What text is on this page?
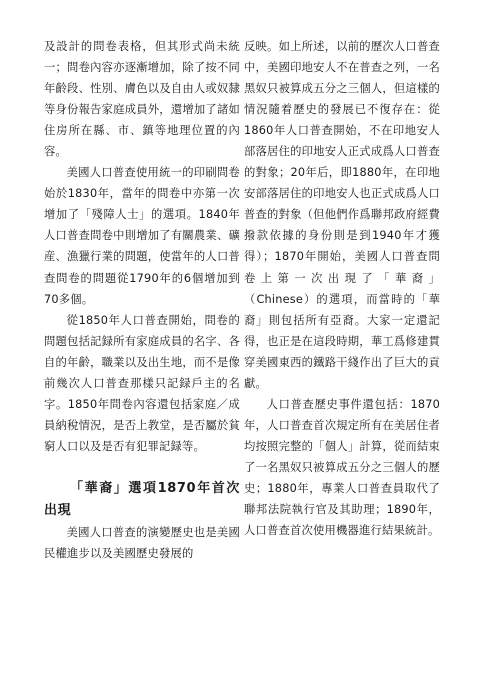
及設計的問卷表格，但其形式尚未統一；問卷內容亦逐漸增加，除了按不同年齡段、性別、膚色以及自由人或奴隸等身份報告家庭成員外，還增加了諸如住房所在縣、市、鎮等地理位置的內容。

美國人口普查使用統一的印刷問卷始於1830年，當年的問卷中亦第一次增加了「殘障人士」的選項。1840年人口普查問卷中則增加了有關農業、礦産、漁獵行業的問題，使當年的人口普查問卷的問題從1790年的6個增加到70多個。

從1850年人口普查開始，問卷的問題包括記録所有家庭成員的名字、各自的年齡，職業以及出生地，而不是像前幾次人口普查那樣只記録戶主的名字。1850年問卷內容還包括家庭／成員納稅情況，是否上教堂，是否屬於貧窮人口以及是否有犯罪記録等。

「華裔」選項1870年首次出現

美國人口普查的演變歷史也是美國民權進步以及美國歷史發展的

反映。如上所述，以前的歷次人口普查中，美國印地安人不在普查之列，一名黑奴只被算成五分之三個人，但這樣的情況隨着歷史的發展已不復存在：從1860年人口普查開始，不在印地安人部落居住的印地安人正式成爲人口普查的對象；20年后，即1880年，在印地安部落居住的印地安人也正式成爲人口普查的對象（但他們作爲聯邦政府經費撥款依據的身份則是到1940年才獲得）；1870年開始，美國人口普查問卷上第一次出現了「華裔」（Chinese）的選項，而當時的「華裔」則包括所有亞裔。大家一定還記得，也正是在這段時期，華工爲修建貫穿美國東西的鐵路干綫作出了巨大的貢獻。

人口普查歷史事件還包括：1870年，人口普查首次規定所有在美居住者均按照完整的「個人」計算，從而結束了一名黑奴只被算成五分之三個人的歷史；1880年，專業人口普查員取代了聯邦法院執行官及其助理；1890年，人口普查首次使用機器進行結果統計。
